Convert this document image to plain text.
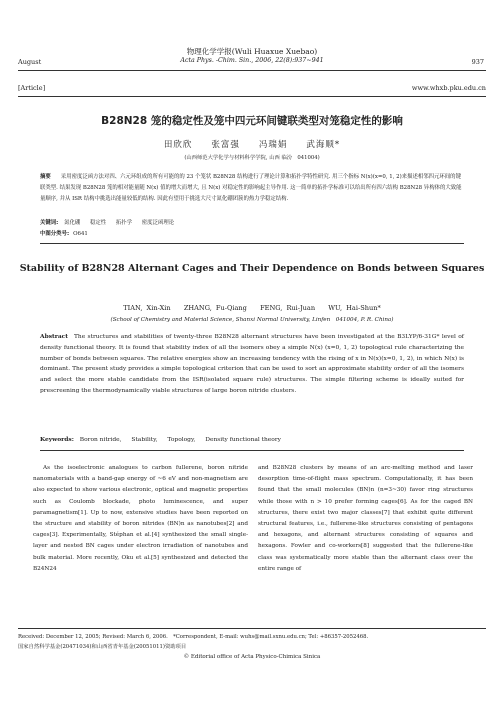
August
物理化学学报(Wuli Huaxue Xuebao)
Acta Phys. -Chim. Sin., 2006, 22(8):937~941	937
[Article]	www.whxb.pku.edu.cn
B28N28 笼的稳定性及笼中四元环间键联类型对笼稳定性的影响
田欣欣　　张富强　　冯瑞娟　　武海顺*
(山西师范大学化学与材料科学学院, 山西 临汾　041004)
摘要 采用密度泛函方法对四、六元环组成的所有可能的的 23 个笼状 B28N28 结构进行了理论计算和拓扑学特性研究. 用三个指标 N(x)(x=0, 1, 2)来描述相邻四元环间的键联类型. 结果发现 B28N28 笼的相对能量随 N(x) 值的增大而增大, 且 N(x) 对稳定性的影响起主导作用. 这一简单的拓扑学标准可以给出所有四六结构 B28N28 异构体的大致能量顺序, 并从 ISR 结构中挑选出能量较低的结构. 因此有望用于挑选大尺寸氮化硼团簇的热力学稳定结构.
关键词: 氮化硼 稳定性 拓扑学 密度泛函理论
中图分类号: O641
Stability of B28N28 Alternant Cages and Their Dependence on Bonds between Squares
TIAN, Xin-Xin　　ZHANG, Fu-Qiang　　FENG, Rui-Juan　　WU, Hai-Shun*
(School of Chemistry and Material Science, Shanxi Normal University, Linfen　041004, P. R. China)
Abstract The structures and stabilities of twenty-three B28N28 alternant structures have been investigated at the B3LYP/6-31G* level of density functional theory. It is found that stability index of all the isomers obey a simple N(x) (x=0, 1, 2) topological rule characterizing the number of bonds between squares. The relative energies show an increasing tendency with the rising of x in N(x)(x=0, 1, 2), in which N(x) is dominant. The present study provides a simple topological criterion that can be used to sort an approximate stability order of all the isomers and select the more stable candidate from the ISR(isolated square rule) structures. The simple filtering scheme is ideally suited for prescreening the thermodynamically viable structures of large boron nitride clusters.
Keywords: Boron nitride, Stability, Topology, Density functional theory
As the isoelectronic analogues to carbon fullerene, boron nitride nanomaterials with a band-gap energy of ~6 eV and non-magnetism are also expected to show various electronic, optical and magnetic properties such as Coulomb blockade, photo luminescence, and super paramagnetism[1]. Up to now, extensive studies have been reported on the structure and stability of boron nitrides (BN)n as nanotubes[2] and cages[3]. Experimentally, Stéphan et al.[4] synthesized the small single-layer and nested BN cages under electron irradiation of nanotubes and bulk material. More recently, Oku et al.[5] synthesized and detected the B24N24
and B28N28 clusters by means of an arc-melting method and laser desorption time-of-flight mass spectrum. Computationally, it has been found that the small molecules (BN)n (n=3~30) favor ring structures while those with n > 10 prefer forming cages[6]. As for the caged BN structures, there exist two major classes[7] that exhibit quite different structural features, i.e., fullerene-like structures consisting of pentagons and hexagons, and alternant structures consisting of squares and hexagons. Fowler and co-workers[8] suggested that the fullerene-like class was systematically more stable than the alternant class over the entire range of
Received: December 12, 2005; Revised: March 6, 2006.　*Correspondent, E-mail: wuhs@mail.sxnu.edu.cn; Tel: +86357-2052468.
国家自然科学基金(20471034)和山西省青年基金(20051011)资助项目
© Editorial office of Acta Physico-Chimica Sinica
